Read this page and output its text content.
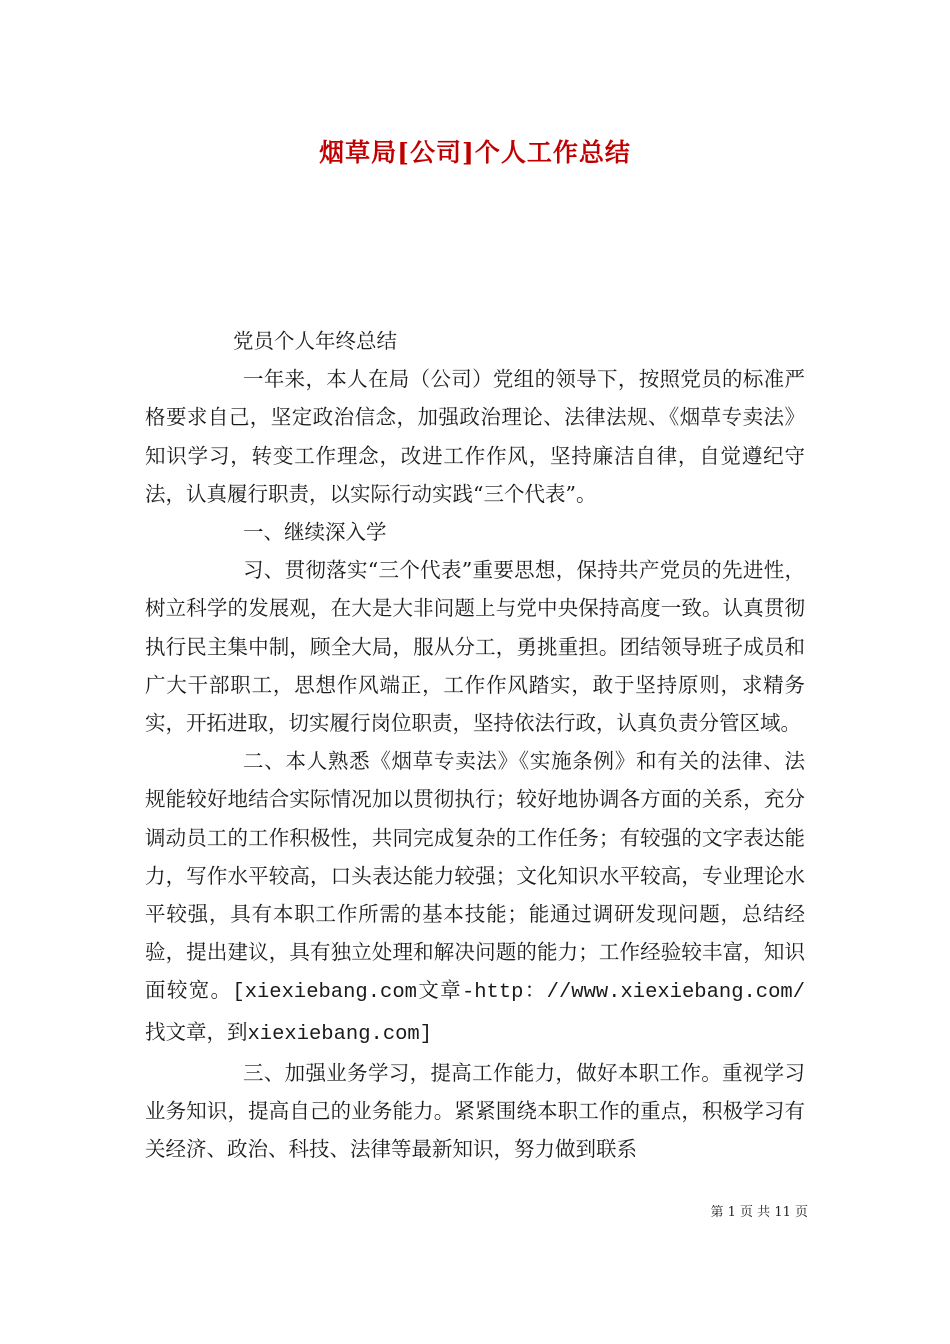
烟草局[公司]个人工作总结

党员个人年终总结

一年来，本人在局（公司）党组的领导下，按照党员的标准严格要求自己，坚定政治信念，加强政治理论、法律法规、《烟草专卖法》知识学习，转变工作理念，改进工作作风，坚持廉洁自律，自觉遵纪守法，认真履行职责，以实际行动实践“三个代表”。

一、继续深入学

习、贯彻落实“三个代表”重要思想，保持共产党员的先进性，树立科学的发展观，在大是大非问题上与党中央保持高度一致。认真贯彻执行民主集中制，顾全大局，服从分工，勇挑重担。团结领导班子成员和广大干部职工，思想作风端正，工作作风踏实，敢于坚持原则，求精务实，开拓进取，切实履行岗位职责，坚持依法行政，认真负责分管区域。

二、本人熟悉《烟草专卖法》《实施条例》和有关的法律、法规能较好地结合实际情况加以贯彻执行；较好地协调各方面的关系，充分调动员工的工作积极性，共同完成复杂的工作任务；有较强的文字表达能力，写作水平较高，口头表达能力较强；文化知识水平较高，专业理论水平较强，具有本职工作所需的基本技能；能通过调研发现问题，总结经验，提出建议，具有独立处理和解决问题的能力；工作经验较丰富，知识面较宽。[xiexiebang.com文章-http：//www.xiexiebang.com/找文章，到xiexiebang.com]

三、加强业务学习，提高工作能力，做好本职工作。重视学习业务知识，提高自己的业务能力。紧紧围绕本职工作的重点，积极学习有关经济、政治、科技、法律等最新知识，努力做到联系

第 1 页 共 11 页
